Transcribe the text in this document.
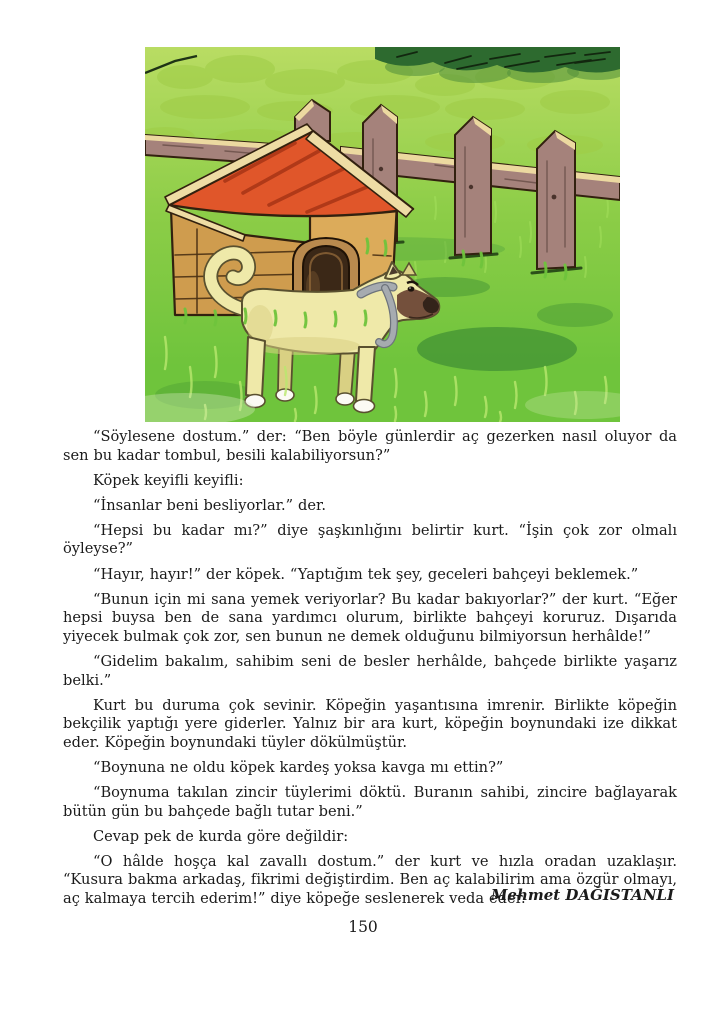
“Söylesene dostum.” der: “Ben böyle günlerdir aç gezerken nasıl oluyor da sen bu kadar tombul, besili kalabiliyorsun?”

Köpek keyifli keyifli:

“İnsanlar beni besliyorlar.” der.

“Hepsi bu kadar mı?” diye şaşkınlığını belirtir kurt. “İşin çok zor olmalı öyleyse?”

“Hayır, hayır!” der köpek. “Yaptığım tek şey, geceleri bahçeyi beklemek.”

“Bunun için mi sana yemek veriyorlar? Bu kadar bakıyorlar?” der kurt. “Eğer hepsi buysa ben de sana yardımcı olurum, birlikte bahçeyi koruruz. Dışarıda yiyecek bulmak çok zor, sen bunun ne demek olduğunu bilmiyorsun herhâlde!”

“Gidelim bakalım, sahibim seni de besler herhâlde, bahçede birlikte yaşarız belki.”

Kurt bu duruma çok sevinir. Köpeğin yaşantısına imrenir. Birlikte köpeğin bekçilik yaptığı yere giderler. Yalnız bir ara kurt, köpeğin boynundaki ize dikkat eder. Köpeğin boynundaki tüyler dökülmüştür.

“Boynuna ne oldu köpek kardeş yoksa kavga mı ettin?”

“Boynuma takılan zincir tüylerimi döktü. Buranın sahibi, zincire bağlayarak bütün gün bu bahçede bağlı tutar beni.”

Cevap pek de kurda göre değildir:

“O hâlde hoşça kal zavallı dostum.” der kurt ve hızla oradan uzaklaşır. “Kusura bakma arkadaş, fikrimi değiştirdim. Ben aç kalabilirim ama özgür olmayı, aç kalmaya tercih ederim!” diye köpeğe seslenerek veda eder.

Mehmet DAĞISTANLI
150
